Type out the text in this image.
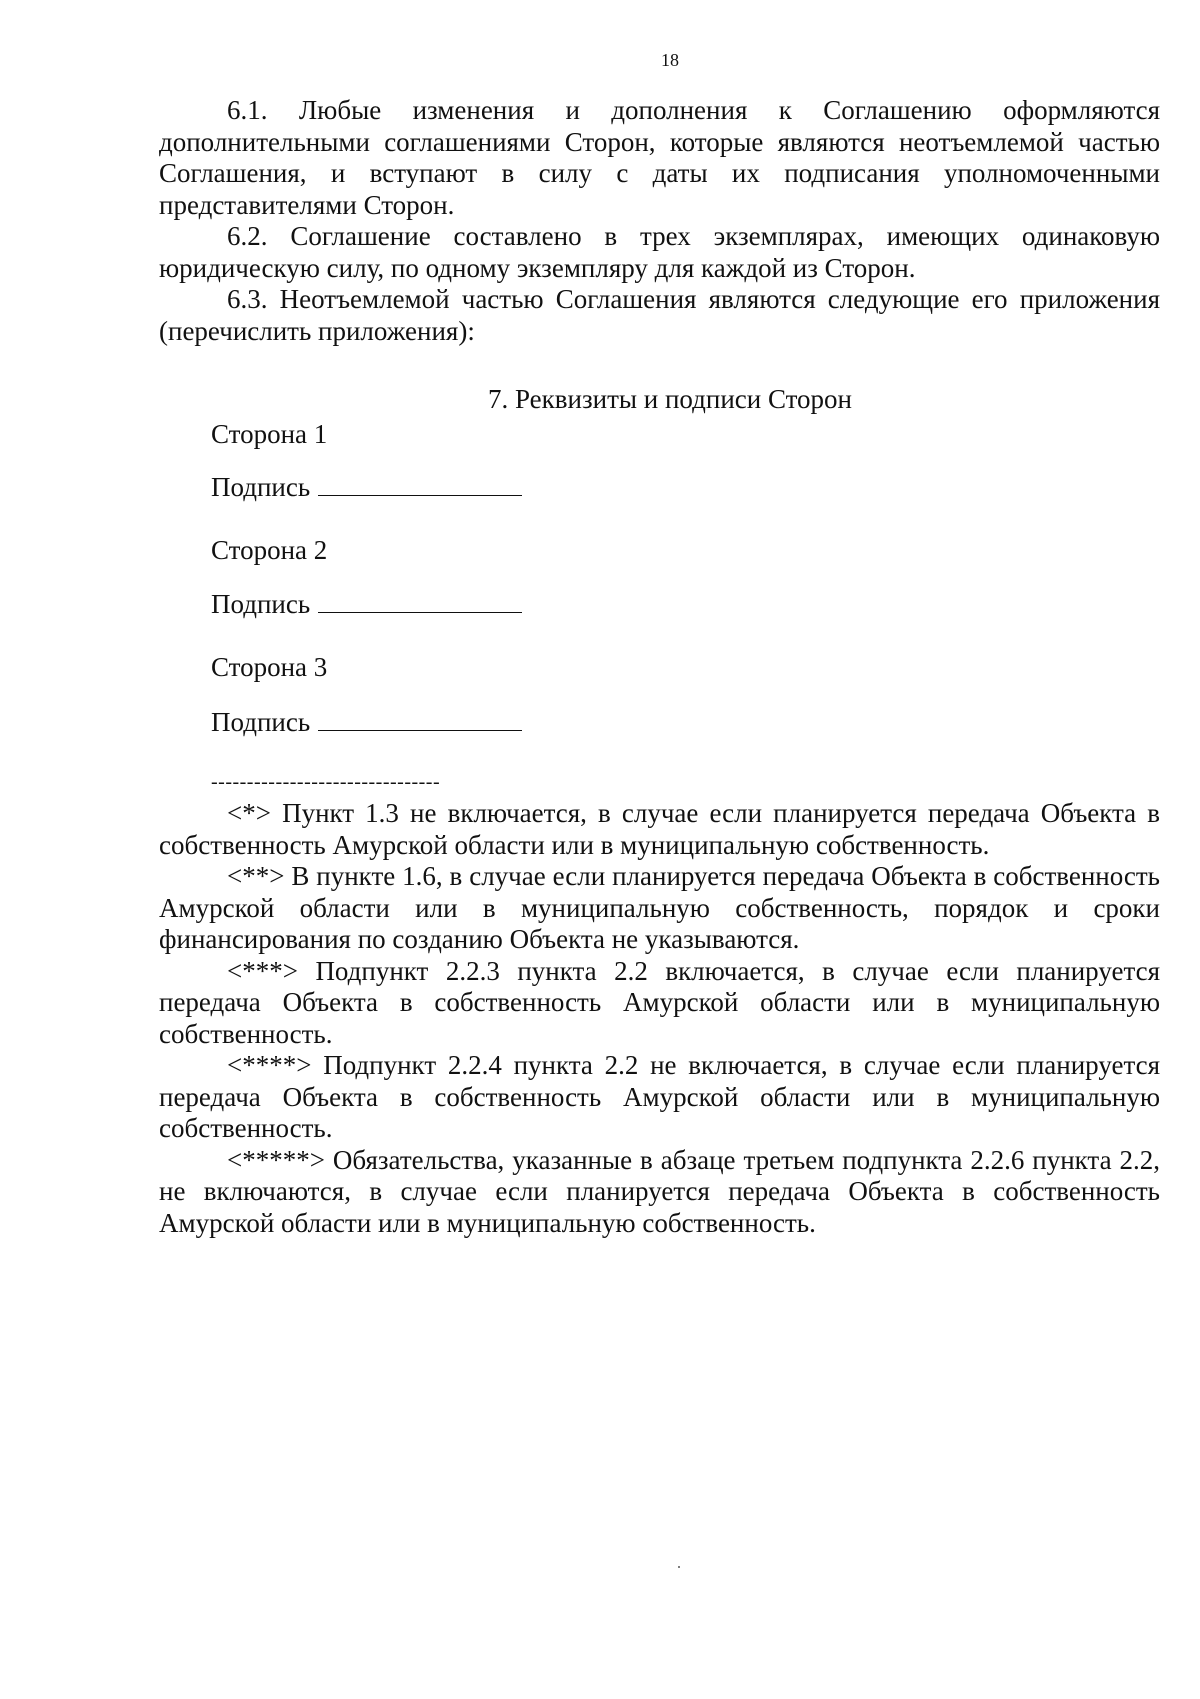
18

6.1. Любые изменения и дополнения к Соглашению оформляются дополнительными соглашениями Сторон, которые являются неотъемлемой частью Соглашения, и вступают в силу с даты их подписания уполномоченными представителями Сторон.

6.2. Соглашение составлено в трех экземплярах, имеющих одинаковую юридическую силу, по одному экземпляру для каждой из Сторон.

6.3. Неотъемлемой частью Соглашения являются следующие его приложения (перечислить приложения):

7. Реквизиты и подписи Сторон

Сторона 1

Подпись

Сторона 2

Подпись

Сторона 3

Подпись

--------------------------------

<*> Пункт 1.3 не включается, в случае если планируется передача Объекта в собственность Амурской области или в муниципальную собственность.

<**> В пункте 1.6, в случае если планируется передача Объекта в собственность Амурской области или в муниципальную собственность, порядок и сроки финансирования по созданию Объекта не указываются.

<***> Подпункт 2.2.3 пункта 2.2 включается, в случае если планируется передача Объекта в собственность Амурской области или в муниципальную собственность.

<****> Подпункт 2.2.4 пункта 2.2 не включается, в случае если планируется передача Объекта в собственность Амурской области или в муниципальную собственность.

<*****> Обязательства, указанные в абзаце третьем подпункта 2.2.6 пункта 2.2, не включаются, в случае если планируется передача Объекта в собственность Амурской области или в муниципальную собственность.
